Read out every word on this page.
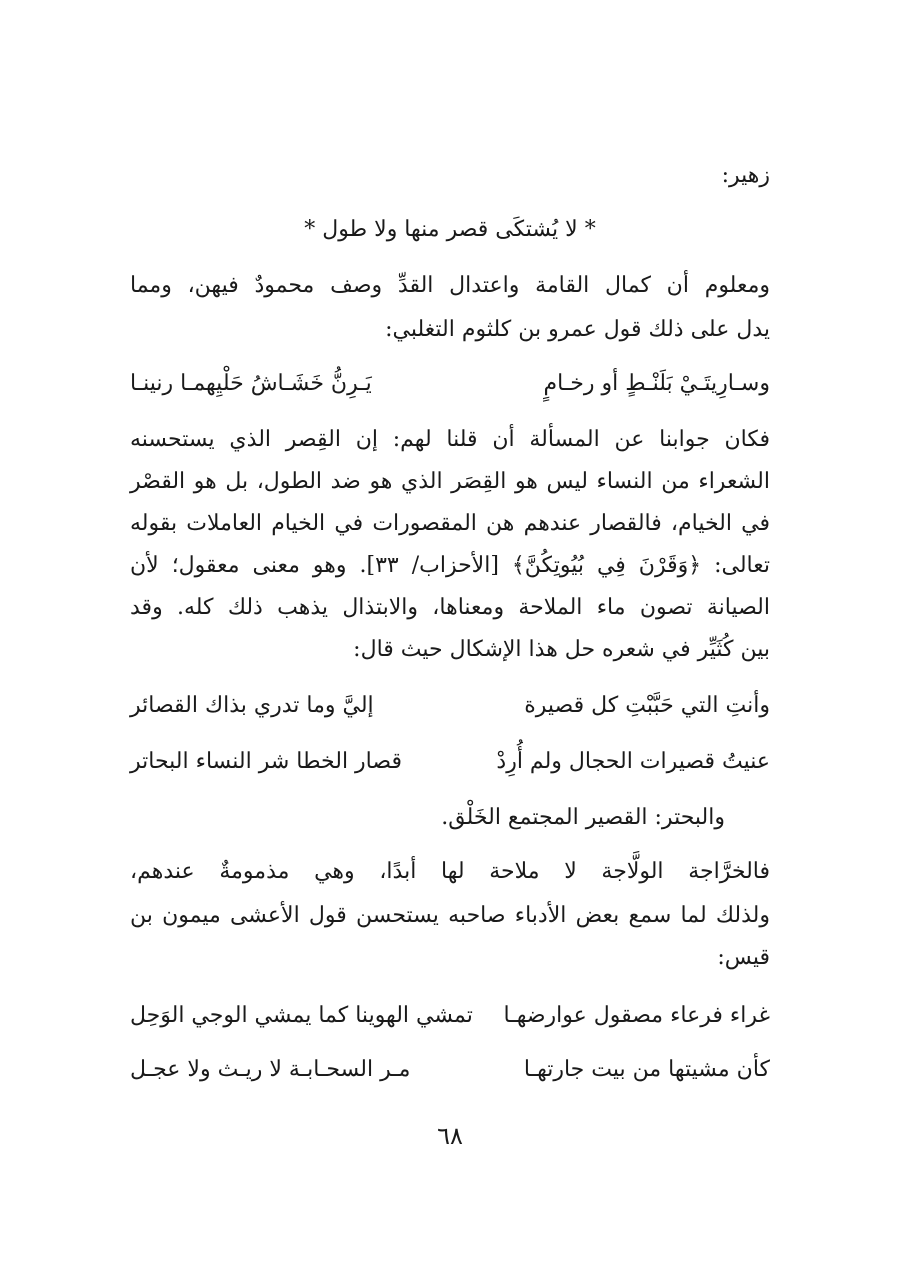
زهير:
* لا يُشتكَى قصر منها ولا طول *
ومعلوم أن كمال القامة واعتدال القدِّ وصف محمودٌ فيهن، ومما
يدل على ذلك قول عمرو بن كلثوم التغلبي:
وسـارِيتَـيْ بَلَنْـطٍ أو رخـامٍ
يَـرِنُّ خَشَـاشُ حَلْيِهمـا رنينـا
فكان جوابنا عن المسألة أن قلنا لهم: إن القِصر الذي يستحسنه
الشعراء من النساء ليس هو القِصَر الذي هو ضد الطول، بل هو القصْر
في الخيام، فالقصار عندهم هن المقصورات في الخيام العاملات بقوله
تعالى: ﴿وَقَرْنَ فِي بُيُوتِكُنَّ﴾ [الأحزاب/ ٣٣]. وهو معنى معقول؛ لأن
الصيانة تصون ماء الملاحة ومعناها، والابتذال يذهب ذلك كله. وقد
بين كُثَيِّر في شعره حل هذا الإشكال حيث قال:
وأنتِ التي حَبَّبْتِ كل قصيرة
إليَّ وما تدري بذاك القصائر
عنيتُ قصيرات الحجال ولم أُرِدْ
قصار الخطا شر النساء البحاتر
والبحتر: القصير المجتمع الخَلْق.
فالخرَّاجة الولَّاجة لا ملاحة لها أبدًا، وهي مذمومةٌ عندهم،
ولذلك لما سمع بعض الأدباء صاحبه يستحسن قول الأعشى ميمون بن
قيس:
غراء فرعاء مصقول عوارضهـا
تمشي الهوينا كما يمشي الوجي الوَحِل
كأن مشيتها من بيت جارتهـا
مـر السحـابـة لا ريـث ولا عجـل
٦٨
